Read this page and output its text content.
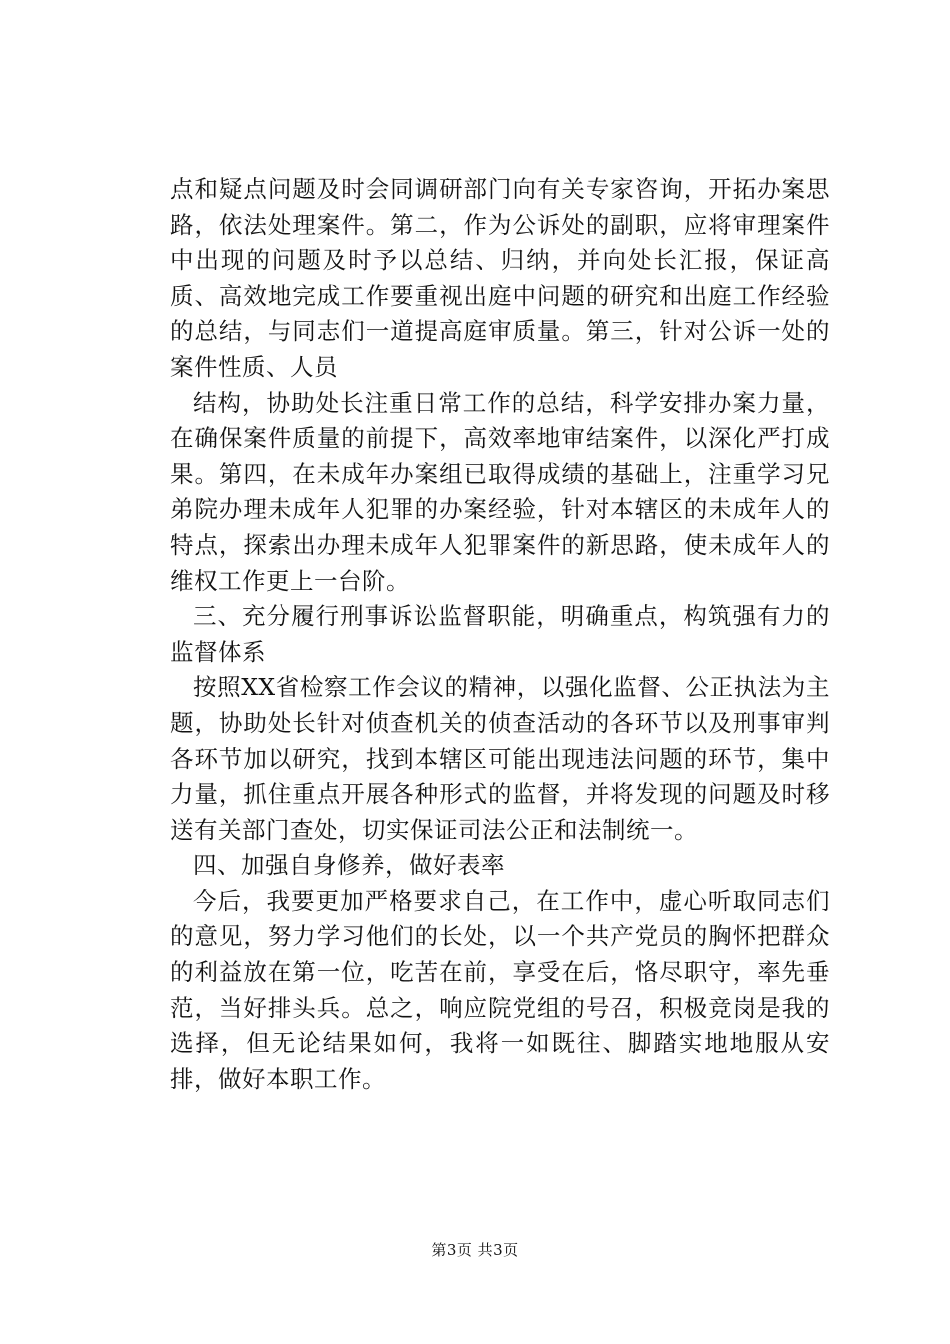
点和疑点问题及时会同调研部门向有关专家咨询，开拓办案思路，依法处理案件。第二，作为公诉处的副职，应将审理案件中出现的问题及时予以总结、归纳，并向处长汇报，保证高质、高效地完成工作要重视出庭中问题的研究和出庭工作经验的总结，与同志们一道提高庭审质量。第三，针对公诉一处的案件性质、人员

结构，协助处长注重日常工作的总结，科学安排办案力量，在确保案件质量的前提下，高效率地审结案件，以深化严打成果。第四，在未成年办案组已取得成绩的基础上，注重学习兄弟院办理未成年人犯罪的办案经验，针对本辖区的未成年人的特点，探索出办理未成年人犯罪案件的新思路，使未成年人的维权工作更上一台阶。

三、充分履行刑事诉讼监督职能，明确重点，构筑强有力的监督体系

按照XX省检察工作会议的精神，以强化监督、公正执法为主题，协助处长针对侦查机关的侦查活动的各环节以及刑事审判各环节加以研究，找到本辖区可能出现违法问题的环节，集中力量，抓住重点开展各种形式的监督，并将发现的问题及时移送有关部门查处，切实保证司法公正和法制统一。

四、加强自身修养，做好表率

今后，我要更加严格要求自己，在工作中，虚心听取同志们的意见，努力学习他们的长处，以一个共产党员的胸怀把群众的利益放在第一位，吃苦在前，享受在后，恪尽职守，率先垂范，当好排头兵。总之，响应院党组的号召，积极竞岗是我的选择，但无论结果如何，我将一如既往、脚踏实地地服从安排，做好本职工作。

第3页 共3页
